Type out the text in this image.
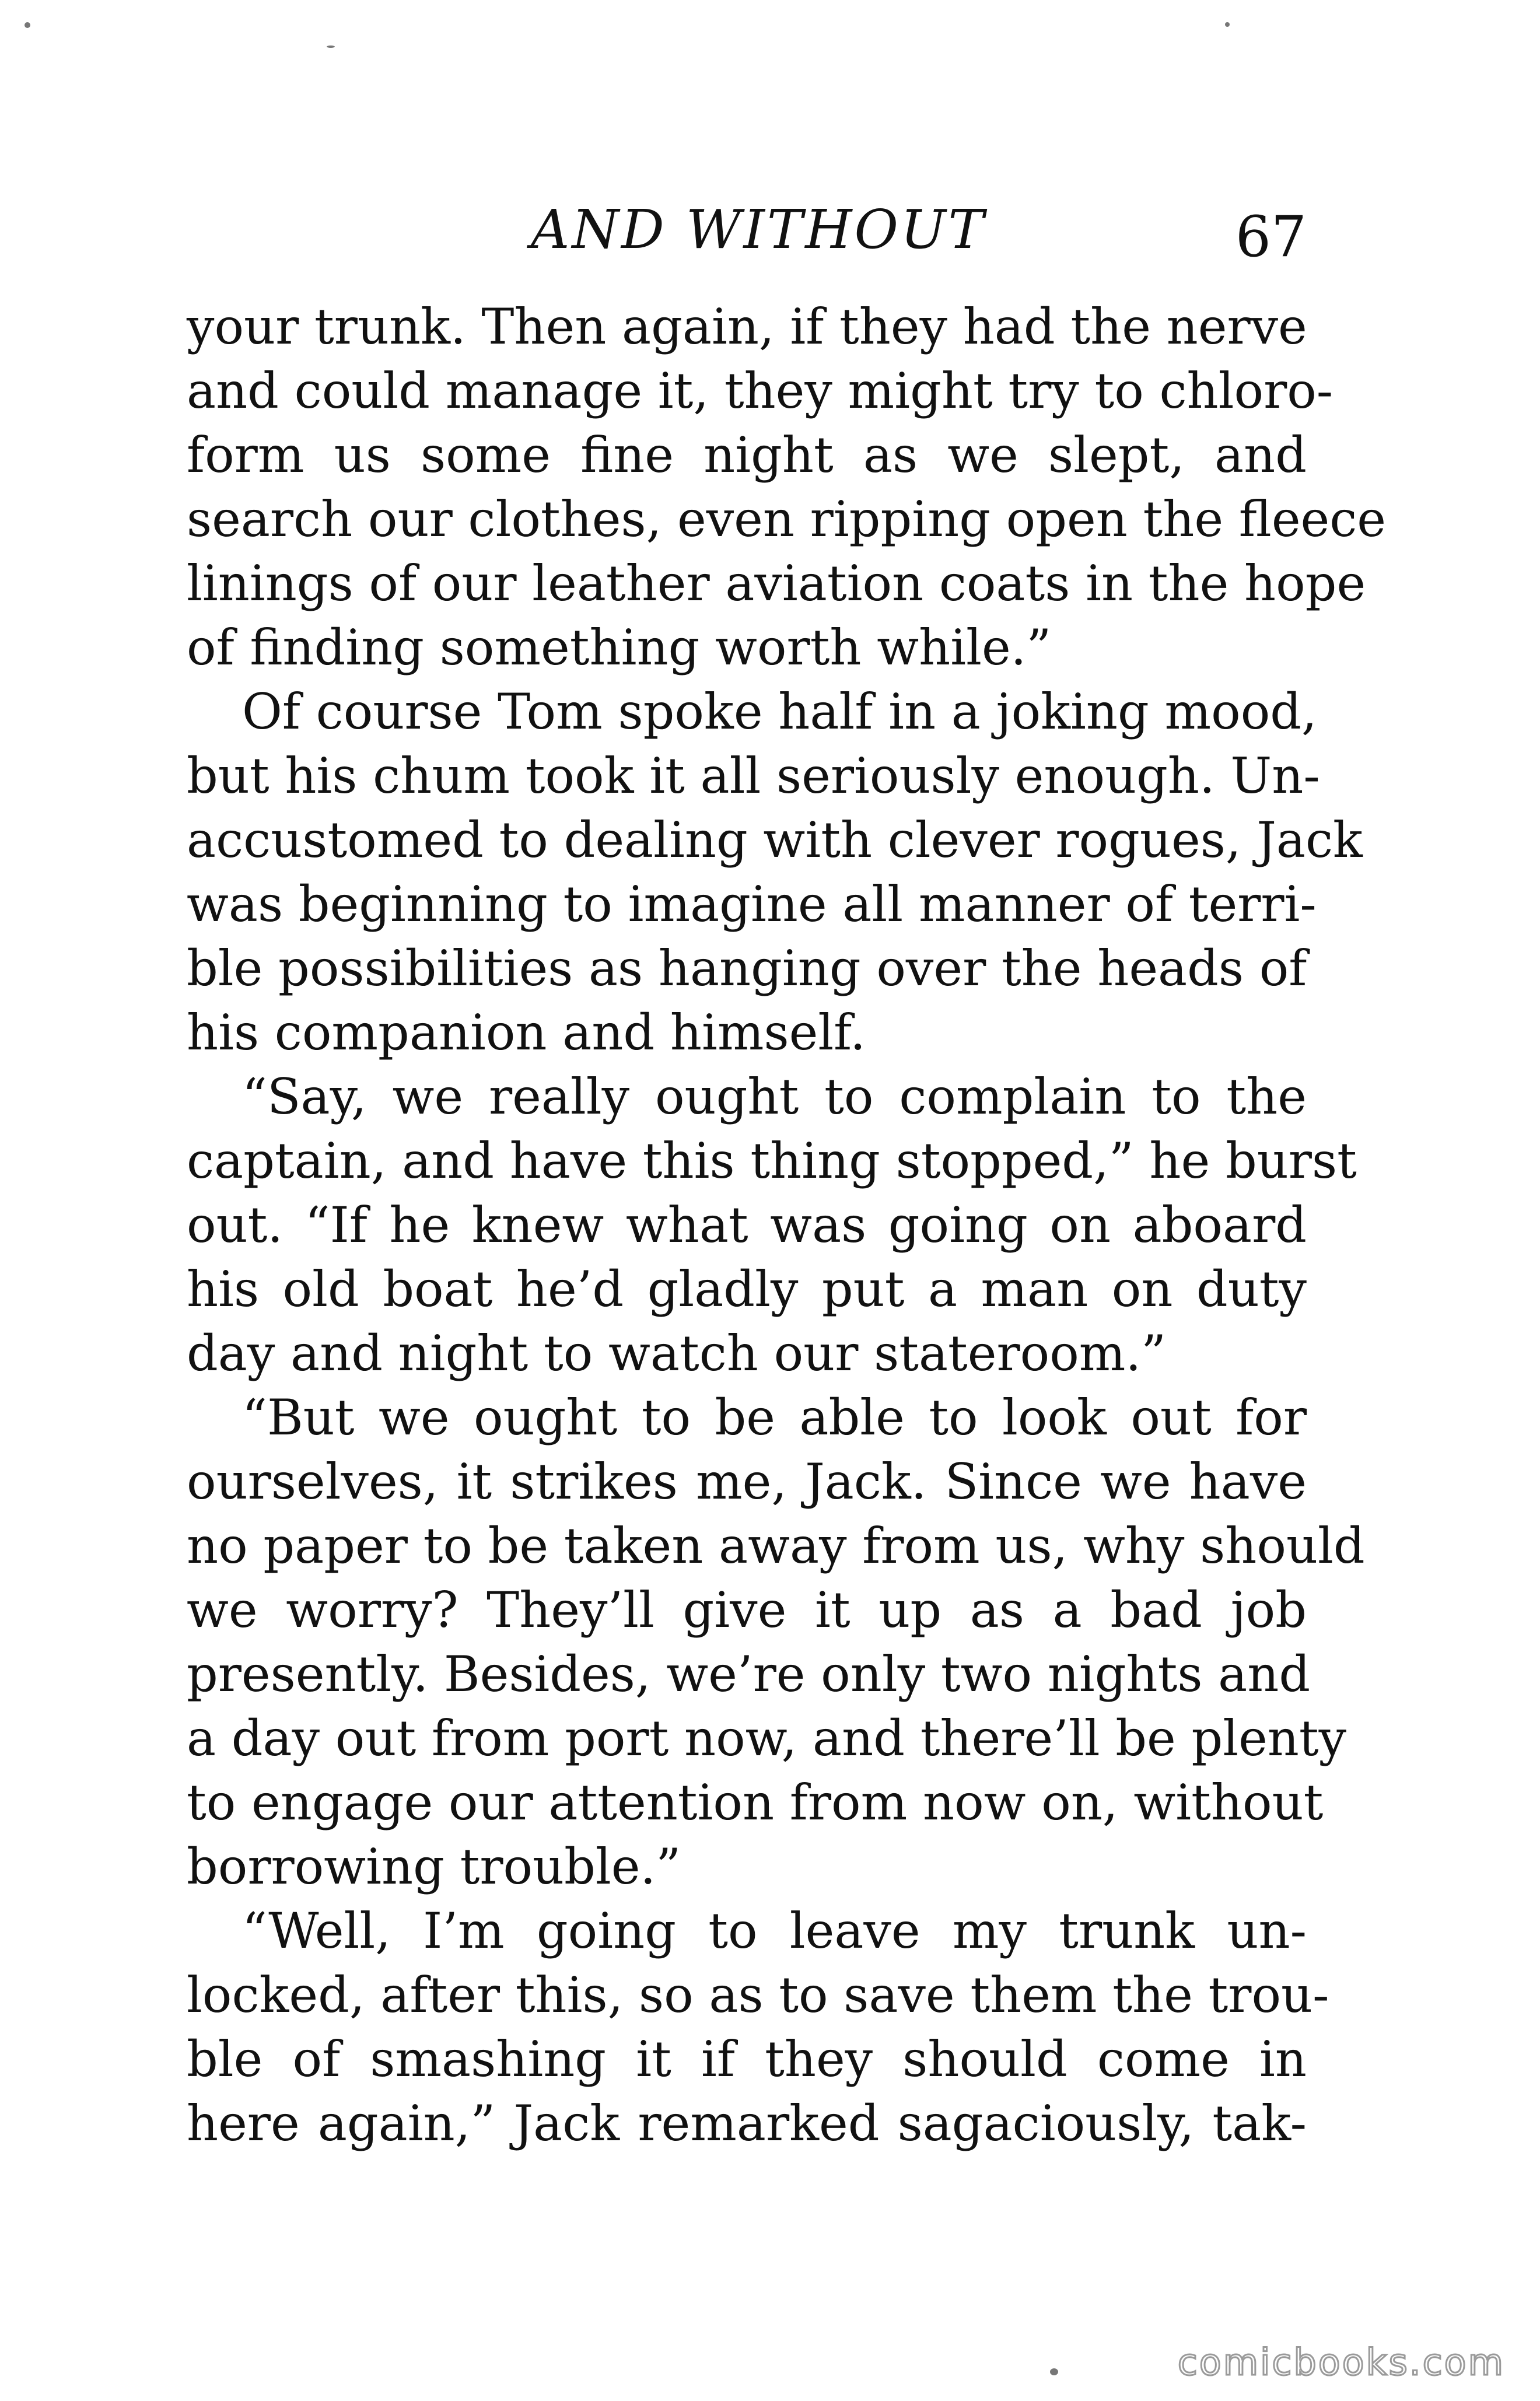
AND WITHOUT	67
your trunk. Then again, if they had the nerve
and could manage it, they might try to chloro-
form us some fine night as we slept, and
search our clothes, even ripping open the fleece
linings of our leather aviation coats in the hope
of finding something worth while.”
Of course Tom spoke half in a joking mood,
but his chum took it all seriously enough. Un-
accustomed to dealing with clever rogues, Jack
was beginning to imagine all manner of terri-
ble possibilities as hanging over the heads of
his companion and himself.
“Say, we really ought to complain to the
captain, and have this thing stopped,” he burst
out. “If he knew what was going on aboard
his old boat he’d gladly put a man on duty
day and night to watch our stateroom.”
“But we ought to be able to look out for
ourselves, it strikes me, Jack. Since we have
no paper to be taken away from us, why should
we worry? They’ll give it up as a bad job
presently. Besides, we’re only two nights and
a day out from port now, and there’ll be plenty
to engage our attention from now on, without
borrowing trouble.”
“Well, I’m going to leave my trunk un-
locked, after this, so as to save them the trou-
ble of smashing it if they should come in
here again,” Jack remarked sagaciously, tak-
comicbooks.com
